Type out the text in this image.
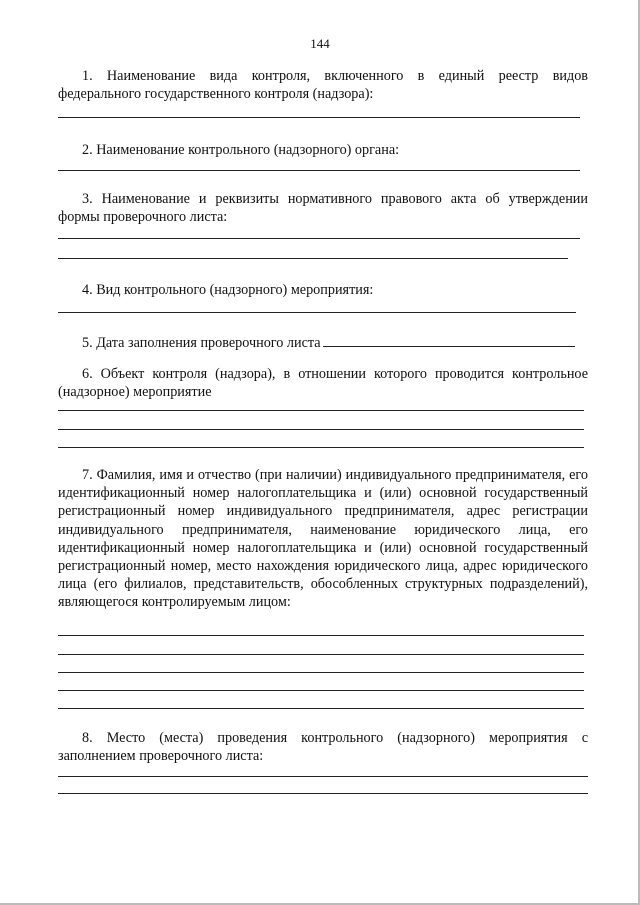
144
1. Наименование вида контроля, включенного в единый реестр видов федерального государственного контроля (надзора):
2. Наименование контрольного (надзорного) органа:
3. Наименование и реквизиты нормативного правового акта об утверждении формы проверочного листа:
4. Вид контрольного (надзорного) мероприятия:
5. Дата заполнения проверочного листа
6. Объект контроля (надзора), в отношении которого проводится контрольное (надзорное) мероприятие
7. Фамилия, имя и отчество (при наличии) индивидуального предпринимателя, его идентификационный номер налогоплательщика и (или) основной государственный регистрационный номер индивидуального предпринимателя, адрес регистрации индивидуального предпринимателя, наименование юридического лица, его идентификационный номер налогоплательщика и (или) основной государственный регистрационный номер, место нахождения юридического лица, адрес юридического лица (его филиалов, представительств, обособленных структурных подразделений), являющегося контролируемым лицом:
8. Место (места) проведения контрольного (надзорного) мероприятия с заполнением проверочного листа:
